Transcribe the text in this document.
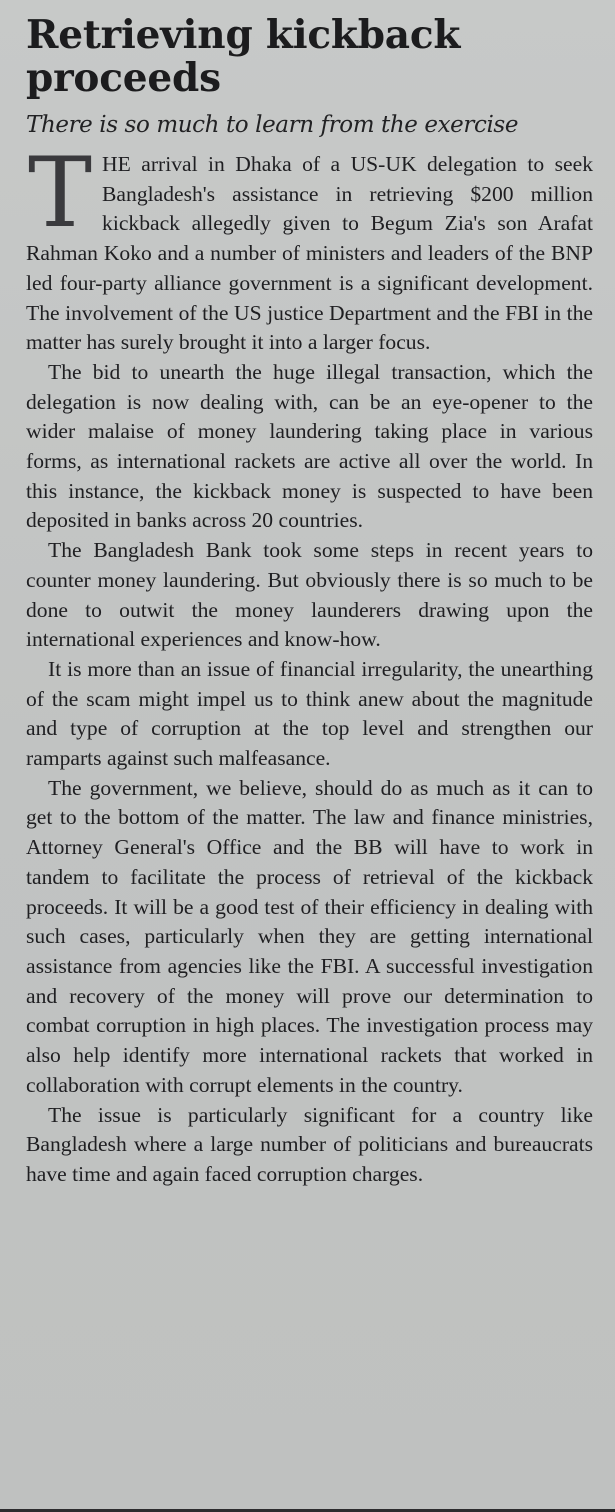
Retrieving kickback proceeds
There is so much to learn from the exercise

THE arrival in Dhaka of a US-UK delegation to seek Bangladesh's assistance in retrieving $200 million kickback allegedly given to Begum Zia's son Arafat Rahman Koko and a number of ministers and leaders of the BNP led four-party alliance government is a significant development. The involvement of the US justice Department and the FBI in the matter has surely brought it into a larger focus.

The bid to unearth the huge illegal transaction, which the delegation is now dealing with, can be an eye-opener to the wider malaise of money laundering taking place in various forms, as international rackets are active all over the world. In this instance, the kickback money is suspected to have been deposited in banks across 20 countries.

The Bangladesh Bank took some steps in recent years to counter money laundering. But obviously there is so much to be done to outwit the money launderers drawing upon the international experiences and know-how.

It is more than an issue of financial irregularity, the unearthing of the scam might impel us to think anew about the magnitude and type of corruption at the top level and strengthen our ramparts against such malfeasance.

The government, we believe, should do as much as it can to get to the bottom of the matter. The law and finance ministries, Attorney General's Office and the BB will have to work in tandem to facilitate the process of retrieval of the kickback proceeds. It will be a good test of their efficiency in dealing with such cases, particularly when they are getting international assistance from agencies like the FBI. A successful investigation and recovery of the money will prove our determination to combat corruption in high places. The investigation process may also help identify more international rackets that worked in collaboration with corrupt elements in the country.

The issue is particularly significant for a country like Bangladesh where a large number of politicians and bureaucrats have time and again faced corruption charges.
